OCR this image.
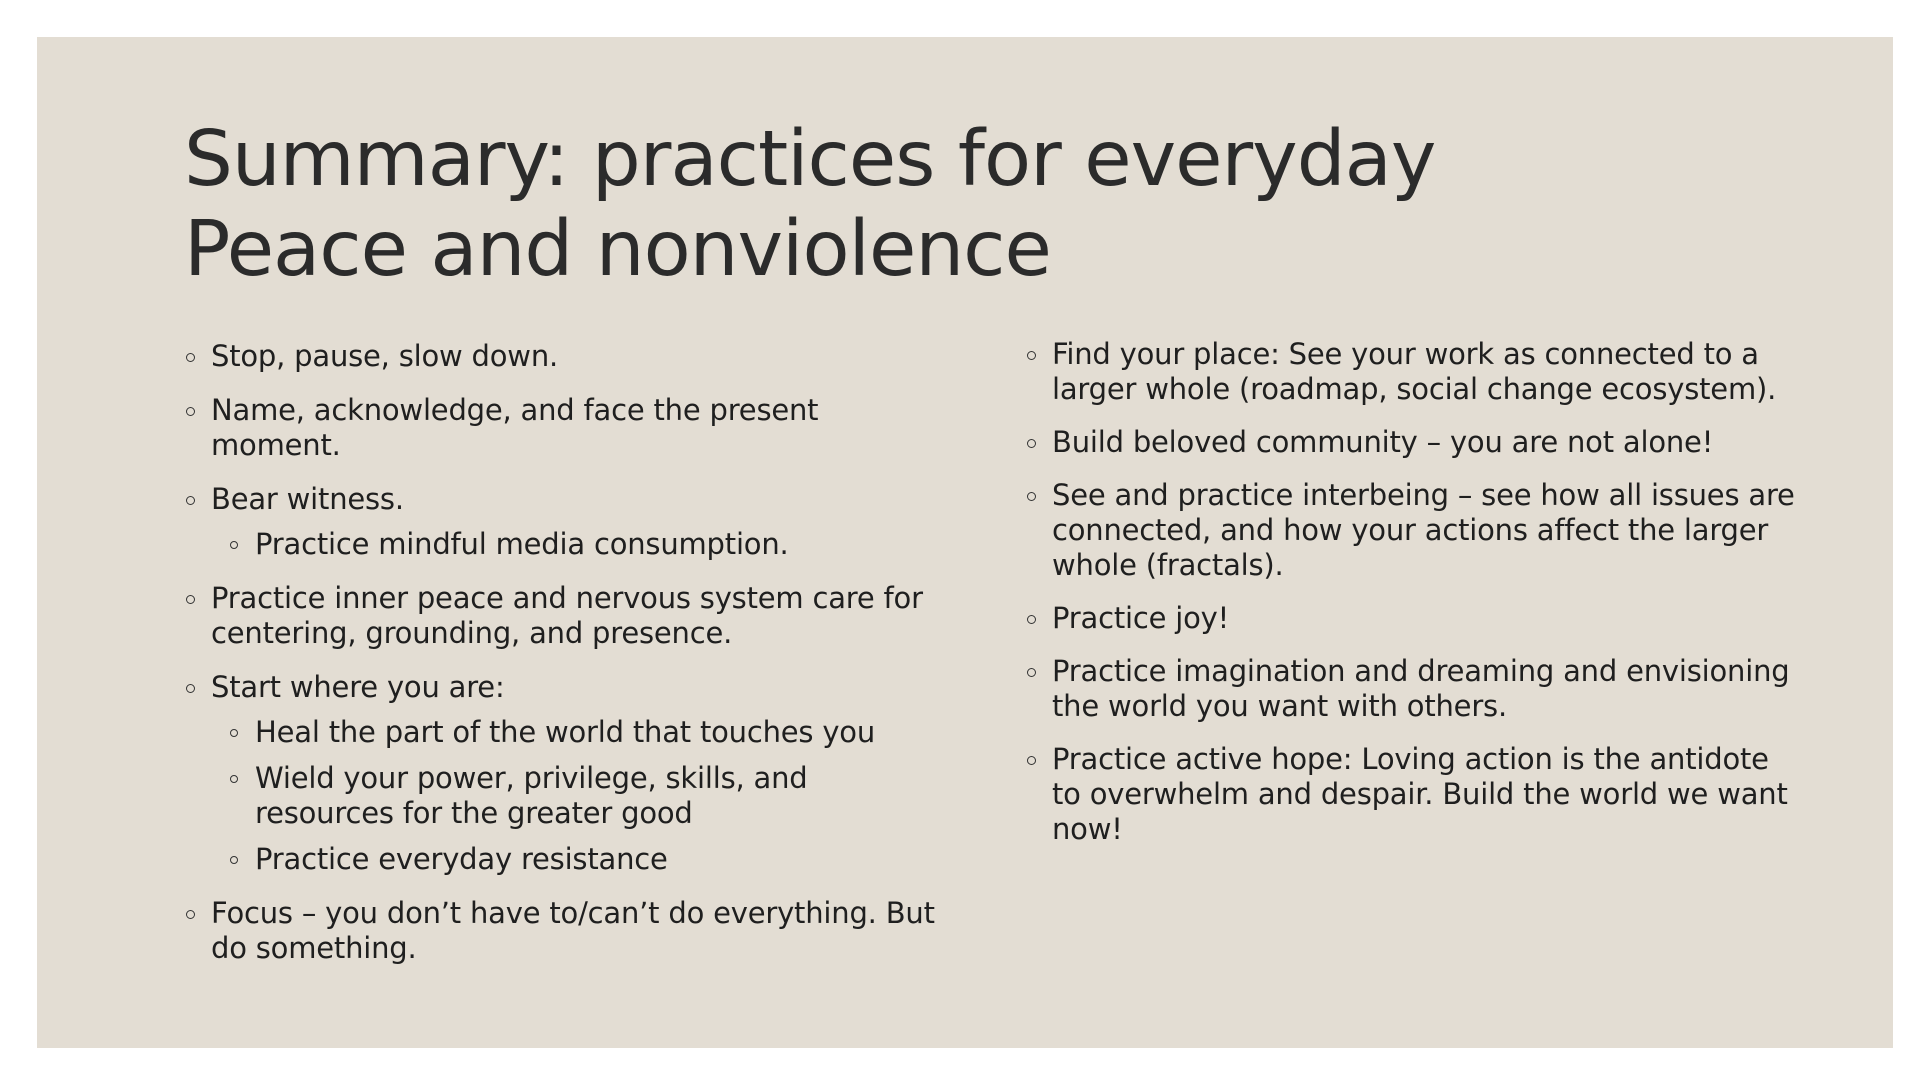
Summary: practices for everyday
Peace and nonviolence
Stop, pause, slow down.
Name, acknowledge, and face the present moment.
Bear witness.
Practice mindful media consumption.
Practice inner peace and nervous system care for centering, grounding, and presence.
Start where you are:
Heal the part of the world that touches you
Wield your power, privilege, skills, and resources for the greater good
Practice everyday resistance
Focus – you don’t have to/can’t do everything. But do something.
Find your place: See your work as connected to a larger whole (roadmap, social change ecosystem).
Build beloved community – you are not alone!
See and practice interbeing – see how all issues are connected, and how your actions affect the larger whole (fractals).
Practice joy!
Practice imagination and dreaming and envisioning the world you want with others.
Practice active hope: Loving action is the antidote to overwhelm and despair. Build the world we want now!
